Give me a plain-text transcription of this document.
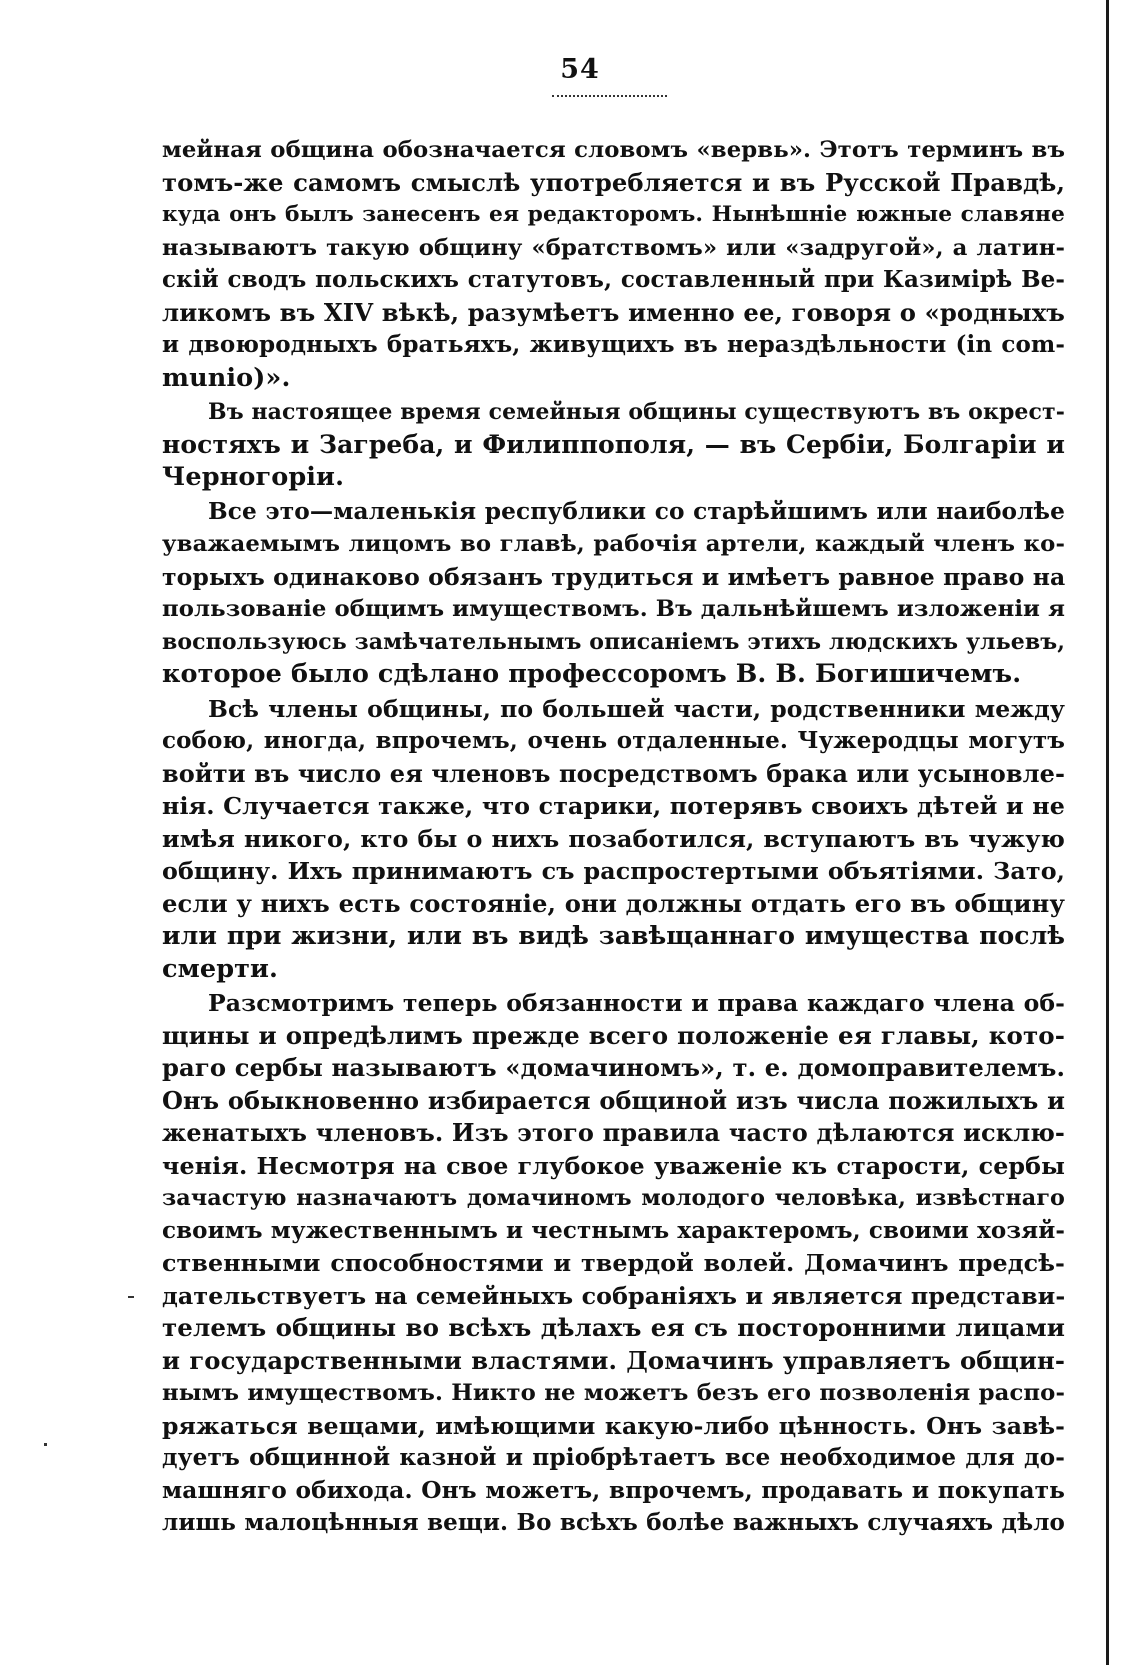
54
мейная община обозначается словомъ «вервь». Этотъ терминъ въ
томъ-же самомъ смыслѣ употребляется и въ Русской Правдѣ,
куда онъ былъ занесенъ ея редакторомъ. Нынѣшніе южные славяне
называютъ такую общину «братствомъ» или «задругой», а латин-
скій сводъ польскихъ статутовъ, составленный при Казимірѣ Ве-
ликомъ въ XIV вѣкѣ, разумѣетъ именно ее, говоря о «родныхъ
и двоюродныхъ братьяхъ, живущихъ въ нераздѣльности (in com-
munio)».
Въ настоящее время семейныя общины существуютъ въ окрест-
ностяхъ и Загреба, и Филиппополя, — въ Сербіи, Болгаріи и
Черногоріи.
Все это—маленькія республики со старѣйшимъ или наиболѣе
уважаемымъ лицомъ во главѣ, рабочія артели, каждый членъ ко-
торыхъ одинаково обязанъ трудиться и имѣетъ равное право на
пользованіе общимъ имуществомъ. Въ дальнѣйшемъ изложеніи я
воспользуюсь замѣчательнымъ описаніемъ этихъ людскихъ ульевъ,
которое было сдѣлано профессоромъ В. В. Богишичемъ.
Всѣ члены общины, по большей части, родственники между
собою, иногда, впрочемъ, очень отдаленные. Чужеродцы могутъ
войти въ число ея членовъ посредствомъ брака или усыновле-
нія. Случается также, что старики, потерявъ своихъ дѣтей и не
имѣя никого, кто бы о нихъ позаботился, вступаютъ въ чужую
общину. Ихъ принимаютъ съ распростертыми объятіями. Зато,
если у нихъ есть состояніе, они должны отдать его въ общину
или при жизни, или въ видѣ завѣщаннаго имущества послѣ
смерти.
Разсмотримъ теперь обязанности и права каждаго члена об-
щины и опредѣлимъ прежде всего положеніе ея главы, кото-
раго сербы называютъ «домачиномъ», т. е. домоправителемъ.
Онъ обыкновенно избирается общиной изъ числа пожилыхъ и
женатыхъ членовъ. Изъ этого правила часто дѣлаются исклю-
ченія. Несмотря на свое глубокое уваженіе къ старости, сербы
зачастую назначаютъ домачиномъ молодого человѣка, извѣстнаго
своимъ мужественнымъ и честнымъ характеромъ, своими хозяй-
ственными способностями и твердой волей. Домачинъ предсѣ-
дательствуетъ на семейныхъ собраніяхъ и является представи-
телемъ общины во всѣхъ дѣлахъ ея съ посторонними лицами
и государственными властями. Домачинъ управляетъ общин-
нымъ имуществомъ. Никто не можетъ безъ его позволенія распо-
ряжаться вещами, имѣющими какую-либо цѣнность. Онъ завѣ-
дуетъ общинной казной и пріобрѣтаетъ все необходимое для до-
машняго обихода. Онъ можетъ, впрочемъ, продавать и покупать
лишь малоцѣнныя вещи. Во всѣхъ болѣе важныхъ случаяхъ дѣло
